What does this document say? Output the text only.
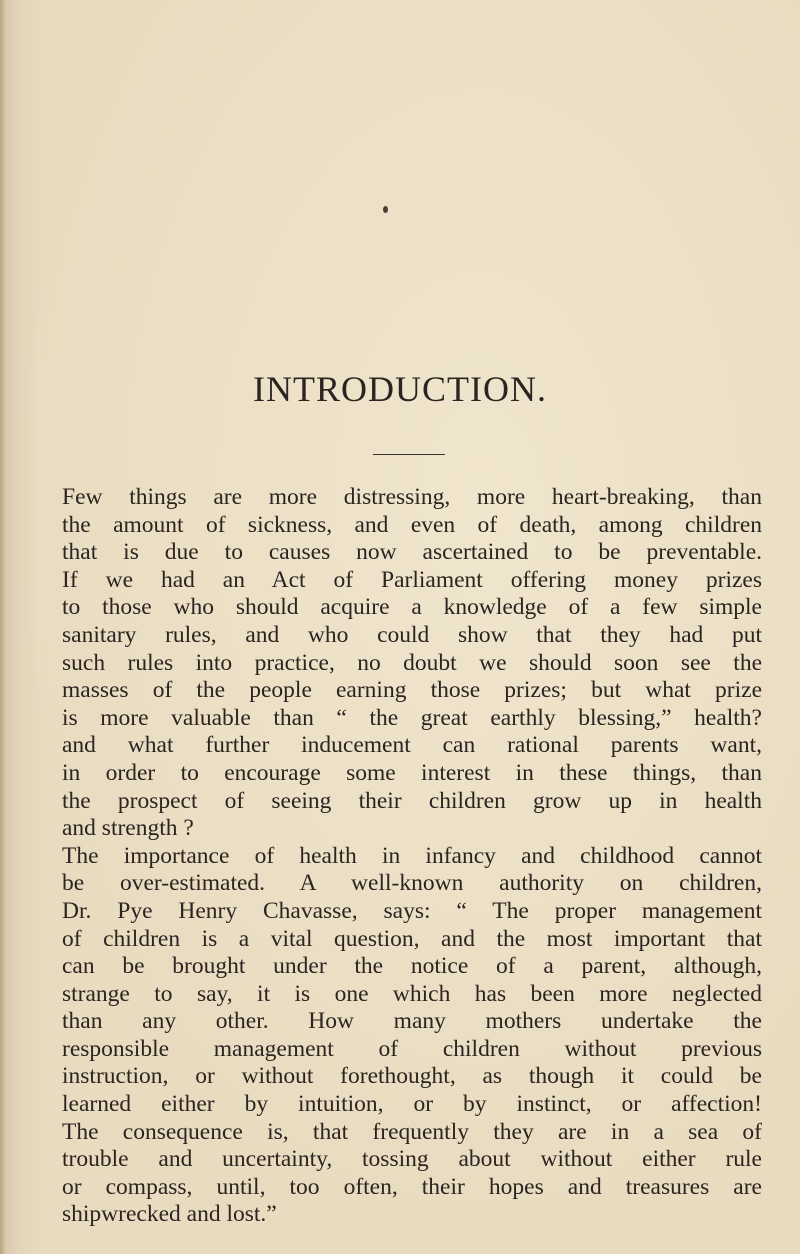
INTRODUCTION.
Few things are more distressing, more heart-breaking, than
the amount of sickness, and even of death, among children
that is due to causes now ascertained to be preventable.
If we had an Act of Parliament offering money prizes
to those who should acquire a knowledge of a few simple
sanitary rules, and who could show that they had put
such rules into practice, no doubt we should soon see the
masses of the people earning those prizes; but what prize
is more valuable than “ the great earthly blessing,” health?
and what further inducement can rational parents want,
in order to encourage some interest in these things, than
the prospect of seeing their children grow up in health
and strength ?
The importance of health in infancy and childhood cannot
be over-estimated. A well-known authority on children,
Dr. Pye Henry Chavasse, says: “ The proper management
of children is a vital question, and the most important that
can be brought under the notice of a parent, although,
strange to say, it is one which has been more neglected
than any other. How many mothers undertake the
responsible management of children without previous
instruction, or without forethought, as though it could be
learned either by intuition, or by instinct, or affection!
The consequence is, that frequently they are in a sea of
trouble and uncertainty, tossing about without either rule
or compass, until, too often, their hopes and treasures are
shipwrecked and lost.”
